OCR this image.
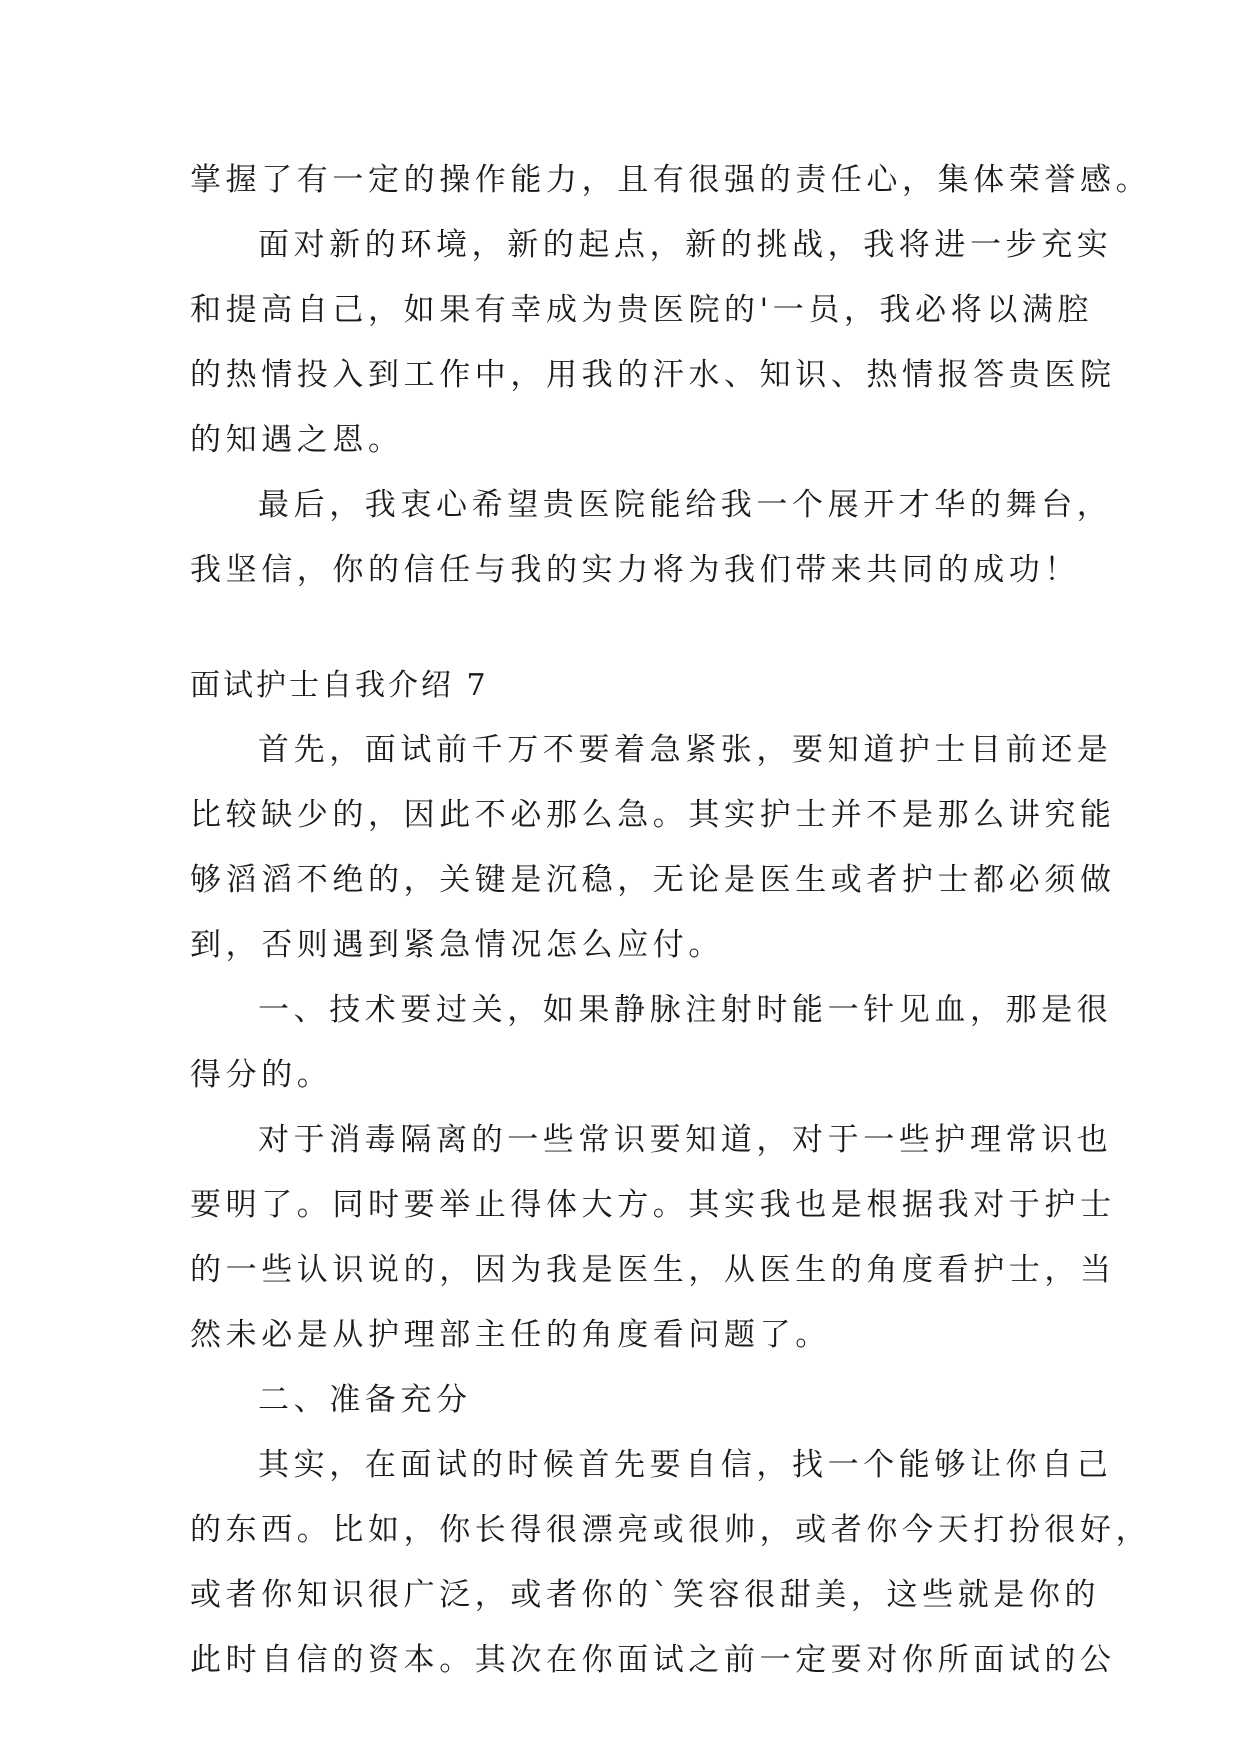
掌握了有一定的操作能力，且有很强的责任心，集体荣誉感。
面对新的环境，新的起点，新的挑战，我将进一步充实
和提高自己，如果有幸成为贵医院的'一员，我必将以满腔
的热情投入到工作中，用我的汗水、知识、热情报答贵医院
的知遇之恩。
最后，我衷心希望贵医院能给我一个展开才华的舞台，
我坚信，你的信任与我的实力将为我们带来共同的成功！
面试护士自我介绍 7
首先，面试前千万不要着急紧张，要知道护士目前还是
比较缺少的，因此不必那么急。其实护士并不是那么讲究能
够滔滔不绝的，关键是沉稳，无论是医生或者护士都必须做
到，否则遇到紧急情况怎么应付。
一、技术要过关，如果静脉注射时能一针见血，那是很
得分的。
对于消毒隔离的一些常识要知道，对于一些护理常识也
要明了。同时要举止得体大方。其实我也是根据我对于护士
的一些认识说的，因为我是医生，从医生的角度看护士，当
然未必是从护理部主任的角度看问题了。
二、准备充分
其实，在面试的时候首先要自信，找一个能够让你自己
的东西。比如，你长得很漂亮或很帅，或者你今天打扮很好，
或者你知识很广泛，或者你的`笑容很甜美，这些就是你的
此时自信的资本。其次在你面试之前一定要对你所面试的公
